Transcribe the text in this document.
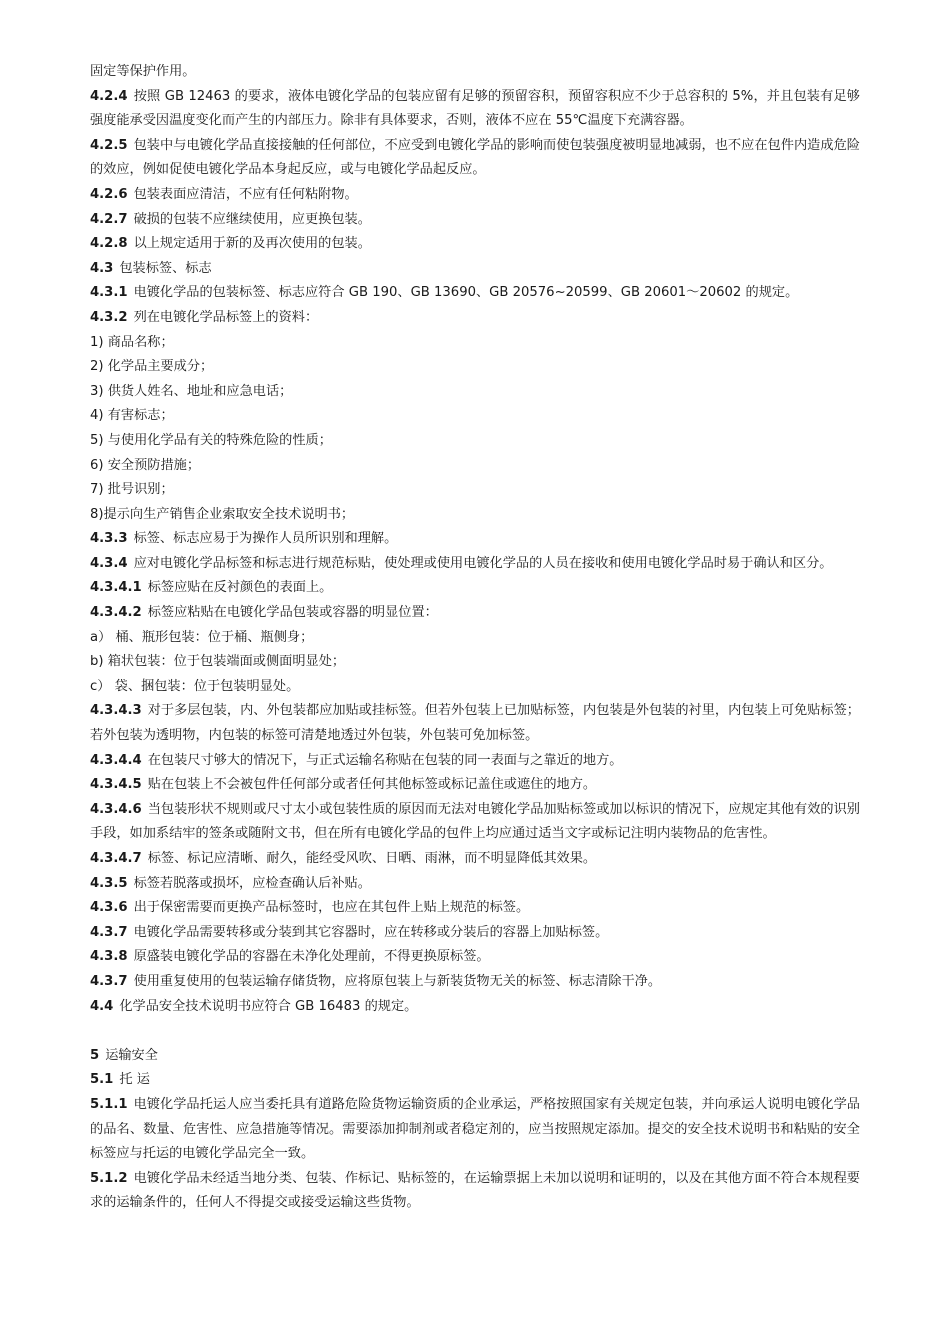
固定等保护作用。

4.2.4 按照 GB 12463 的要求，液体电镀化学品的包装应留有足够的预留容积，预留容积应不少于总容积的 5%，并且包装有足够强度能承受因温度变化而产生的内部压力。除非有具体要求，否则，液体不应在 55℃温度下充满容器。

4.2.5 包装中与电镀化学品直接接触的任何部位，不应受到电镀化学品的影响而使包装强度被明显地减弱，也不应在包件内造成危险的效应，例如促使电镀化学品本身起反应，或与电镀化学品起反应。

4.2.6 包装表面应清洁，不应有任何粘附物。

4.2.7 破损的包装不应继续使用，应更换包装。

4.2.8 以上规定适用于新的及再次使用的包装。

4.3 包装标签、标志

4.3.1 电镀化学品的包装标签、标志应符合 GB 190、GB 13690、GB 20576~20599、GB 20601～20602 的规定。

4.3.2 列在电镀化学品标签上的资料：

1) 商品名称；

2) 化学品主要成分；

3) 供货人姓名、地址和应急电话；

4) 有害标志；

5) 与使用化学品有关的特殊危险的性质；

6) 安全预防措施；

7) 批号识别；

8)提示向生产销售企业索取安全技术说明书；

4.3.3 标签、标志应易于为操作人员所识别和理解。

4.3.4 应对电镀化学品标签和标志进行规范标贴，使处理或使用电镀化学品的人员在接收和使用电镀化学品时易于确认和区分。

4.3.4.1 标签应贴在反衬颜色的表面上。

4.3.4.2 标签应粘贴在电镀化学品包装或容器的明显位置：

a） 桶、瓶形包装：位于桶、瓶侧身；

b) 箱状包装：位于包装端面或侧面明显处；

c） 袋、捆包装：位于包装明显处。

4.3.4.3 对于多层包装，内、外包装都应加贴或挂标签。但若外包装上已加贴标签，内包装是外包装的衬里，内包装上可免贴标签；若外包装为透明物，内包装的标签可清楚地透过外包装，外包装可免加标签。

4.3.4.4 在包装尺寸够大的情况下，与正式运输名称贴在包装的同一表面与之靠近的地方。

4.3.4.5 贴在包装上不会被包件任何部分或者任何其他标签或标记盖住或遮住的地方。

4.3.4.6 当包装形状不规则或尺寸太小或包装性质的原因而无法对电镀化学品加贴标签或加以标识的情况下，应规定其他有效的识别手段，如加系结牢的签条或随附文书，但在所有电镀化学品的包件上均应通过适当文字或标记注明内装物品的危害性。

4.3.4.7 标签、标记应清晰、耐久，能经受风吹、日晒、雨淋，而不明显降低其效果。

4.3.5 标签若脱落或损坏，应检查确认后补贴。

4.3.6 出于保密需要而更换产品标签时，也应在其包件上贴上规范的标签。

4.3.7 电镀化学品需要转移或分装到其它容器时，应在转移或分装后的容器上加贴标签。

4.3.8 原盛装电镀化学品的容器在未净化处理前，不得更换原标签。

4.3.7 使用重复使用的包装运输存储货物，应将原包装上与新装货物无关的标签、标志清除干净。

4.4 化学品安全技术说明书应符合 GB 16483 的规定。

5 运输安全

5.1 托 运

5.1.1 电镀化学品托运人应当委托具有道路危险货物运输资质的企业承运，严格按照国家有关规定包装，并向承运人说明电镀化学品的品名、数量、危害性、应急措施等情况。需要添加抑制剂或者稳定剂的，应当按照规定添加。提交的安全技术说明书和粘贴的安全标签应与托运的电镀化学品完全一致。

5.1.2 电镀化学品未经适当地分类、包装、作标记、贴标签的，在运输票据上未加以说明和证明的，以及在其他方面不符合本规程要求的运输条件的，任何人不得提交或接受运输这些货物。
